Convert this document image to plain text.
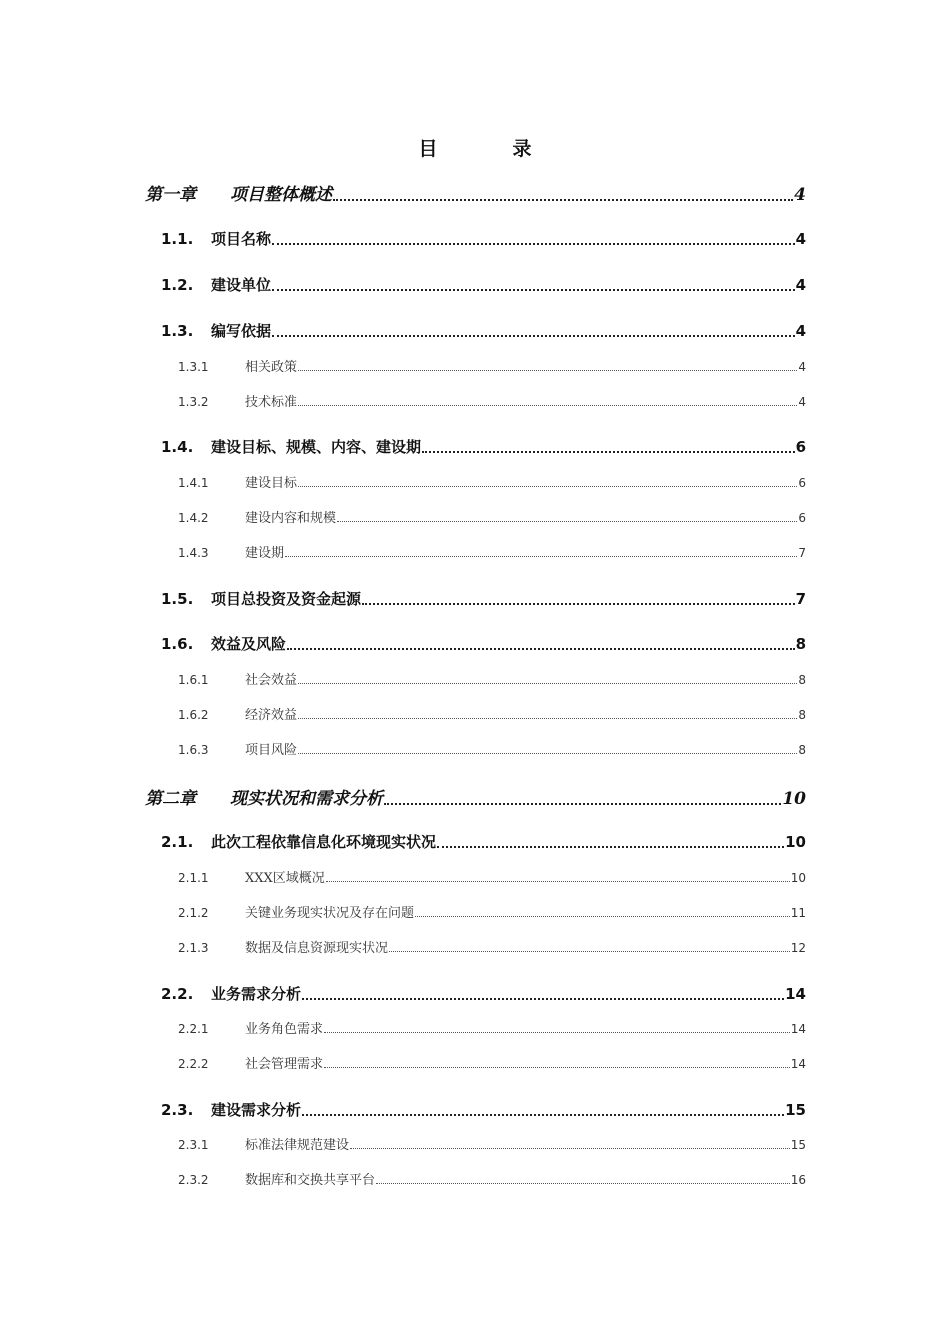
目　录
第一章	项目整体概述	4
1.1.	项目名称	4
1.2.	建设单位	4
1.3.	编写依据	4
1.3.1	相关政策	4
1.3.2	技术标准	4
1.4.	建设目标、规模、内容、建设期	6
1.4.1	建设目标	6
1.4.2	建设内容和规模	6
1.4.3	建设期	7
1.5.	项目总投资及资金起源	7
1.6.	效益及风险	8
1.6.1	社会效益	8
1.6.2	经济效益	8
1.6.3	项目风险	8
第二章	现实状况和需求分析	10
2.1.	此次工程依靠信息化环境现实状况	10
2.1.1	XXX区域概况	10
2.1.2	关键业务现实状况及存在问题	11
2.1.3	数据及信息资源现实状况	12
2.2.	业务需求分析	14
2.2.1	业务角色需求	14
2.2.2	社会管理需求	14
2.3.	建设需求分析	15
2.3.1	标准法律规范建设	15
2.3.2	数据库和交换共享平台	16
